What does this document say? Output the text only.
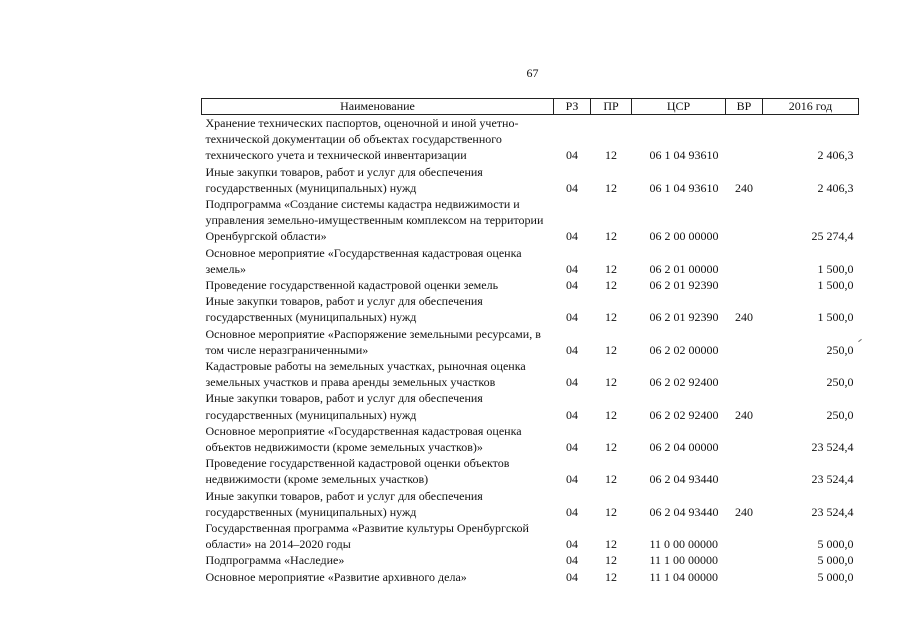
67
Наименование	РЗ	ПР	ЦСР	ВР	2016 год
Хранение технических паспортов, оценочной и иной учетно-технической документации об объектах государственного технического учета и технической инвентаризации	04	12	06 1 04 93610		2 406,3
Иные закупки товаров, работ и услуг для обеспечения государственных (муниципальных) нужд	04	12	06 1 04 93610	240	2 406,3
Подпрограмма «Создание системы кадастра недвижимости и управления земельно-имущественным комплексом на территории Оренбургской области»	04	12	06 2 00 00000		25 274,4
Основное мероприятие «Государственная кадастровая оценка земель»	04	12	06 2 01 00000		1 500,0
Проведение государственной кадастровой оценки земель	04	12	06 2 01 92390		1 500,0
Иные закупки товаров, работ и услуг для обеспечения государственных (муниципальных) нужд	04	12	06 2 01 92390	240	1 500,0
Основное мероприятие «Распоряжение земельными ресурсами, в том числе неразграниченными»	04	12	06 2 02 00000		250,0
Кадастровые работы на земельных участках, рыночная оценка земельных участков и права аренды земельных участков	04	12	06 2 02 92400		250,0
Иные закупки товаров, работ и услуг для обеспечения государственных (муниципальных) нужд	04	12	06 2 02 92400	240	250,0
Основное мероприятие «Государственная кадастровая оценка объектов недвижимости (кроме земельных участков)»	04	12	06 2 04 00000		23 524,4
Проведение государственной кадастровой оценки объектов недвижимости (кроме земельных участков)	04	12	06 2 04 93440		23 524,4
Иные закупки товаров, работ и услуг для обеспечения государственных (муниципальных) нужд	04	12	06 2 04 93440	240	23 524,4
Государственная программа «Развитие культуры Оренбургской области» на 2014–2020 годы	04	12	11 0 00 00000		5 000,0
Подпрограмма «Наследие»	04	12	11 1 00 00000		5 000,0
Основное мероприятие «Развитие архивного дела»	04	12	11 1 04 00000		5 000,0
